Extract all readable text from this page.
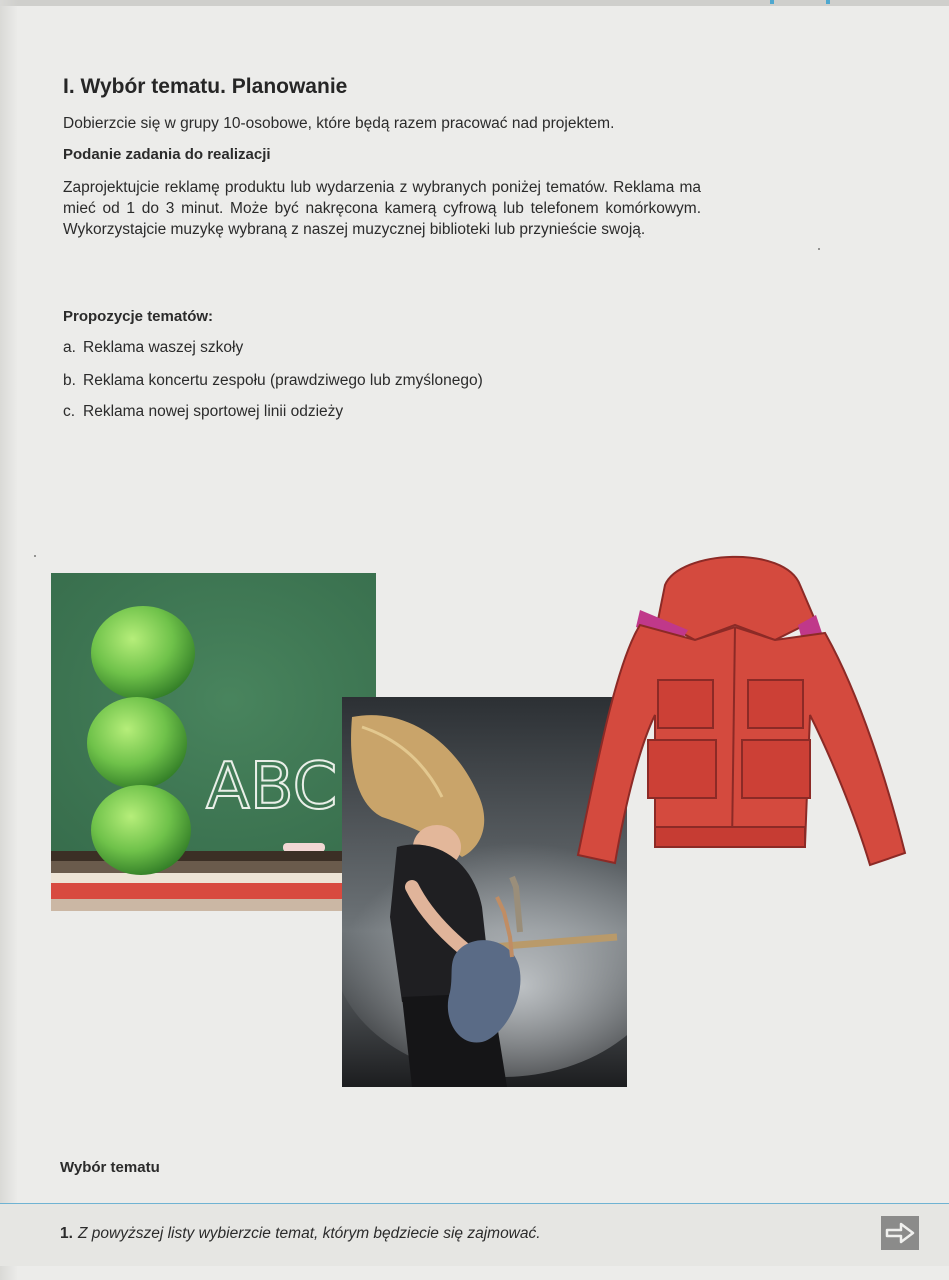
I. Wybór tematu. Planowanie

Dobierzcie się w grupy 10-osobowe, które będą razem pracować nad projektem.

Podanie zadania do realizacji

Zaprojektujcie reklamę produktu lub wydarzenia z wybranych poniżej tematów. Reklama ma mieć od 1 do 3 minut. Może być nakręcona kamerą cyfrową lub telefonem komórkowym. Wykorzystajcie muzykę wybraną z naszej muzycznej biblioteki lub przynieście swoją.

Propozycje tematów:

a. Reklama waszej szkoły

b. Reklama koncertu zespołu (prawdziwego lub zmyślonego)

c. Reklama nowej sportowej linii odzieży

ABC
Wybór tematu
1. Z powyższej listy wybierzcie temat, którym będziecie się zajmować.
